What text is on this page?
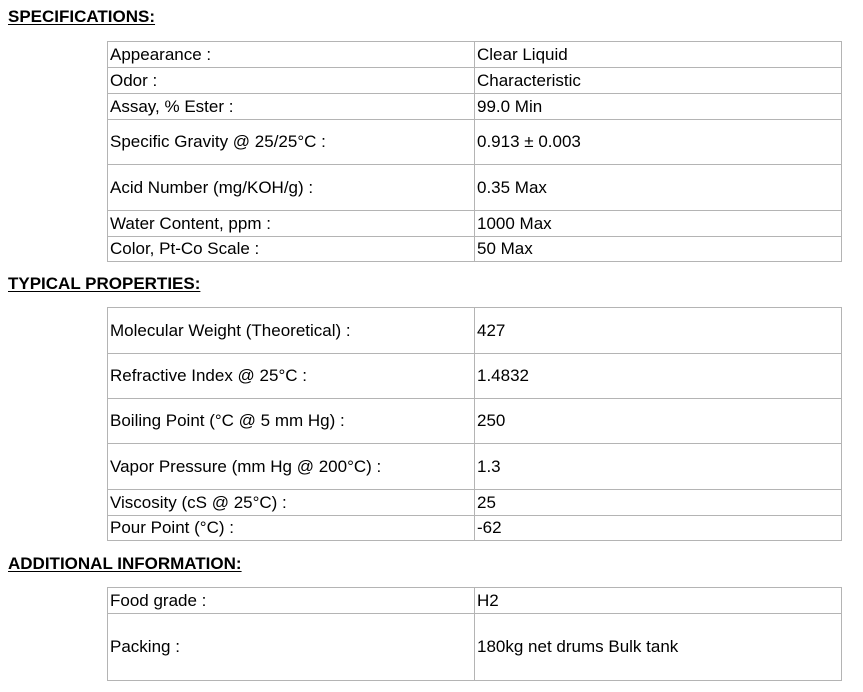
SPECIFICATIONS:
Appearance :	Clear Liquid
Odor :	Characteristic
Assay, % Ester :	99.0 Min
Specific Gravity @ 25/25°C :	0.913 ± 0.003
Acid Number (mg/KOH/g) :	0.35 Max
Water Content, ppm :	1000 Max
Color, Pt-Co Scale :	50 Max
TYPICAL PROPERTIES:
Molecular Weight (Theoretical) :	427
Refractive Index @ 25°C :	1.4832
Boiling Point (°C @ 5 mm Hg) :	250
Vapor Pressure (mm Hg @ 200°C) :	1.3
Viscosity (cS @ 25°C) :	25
Pour Point (°C) :	-62
ADDITIONAL INFORMATION:
Food grade :	H2
Packing :	180kg net drums Bulk tank
